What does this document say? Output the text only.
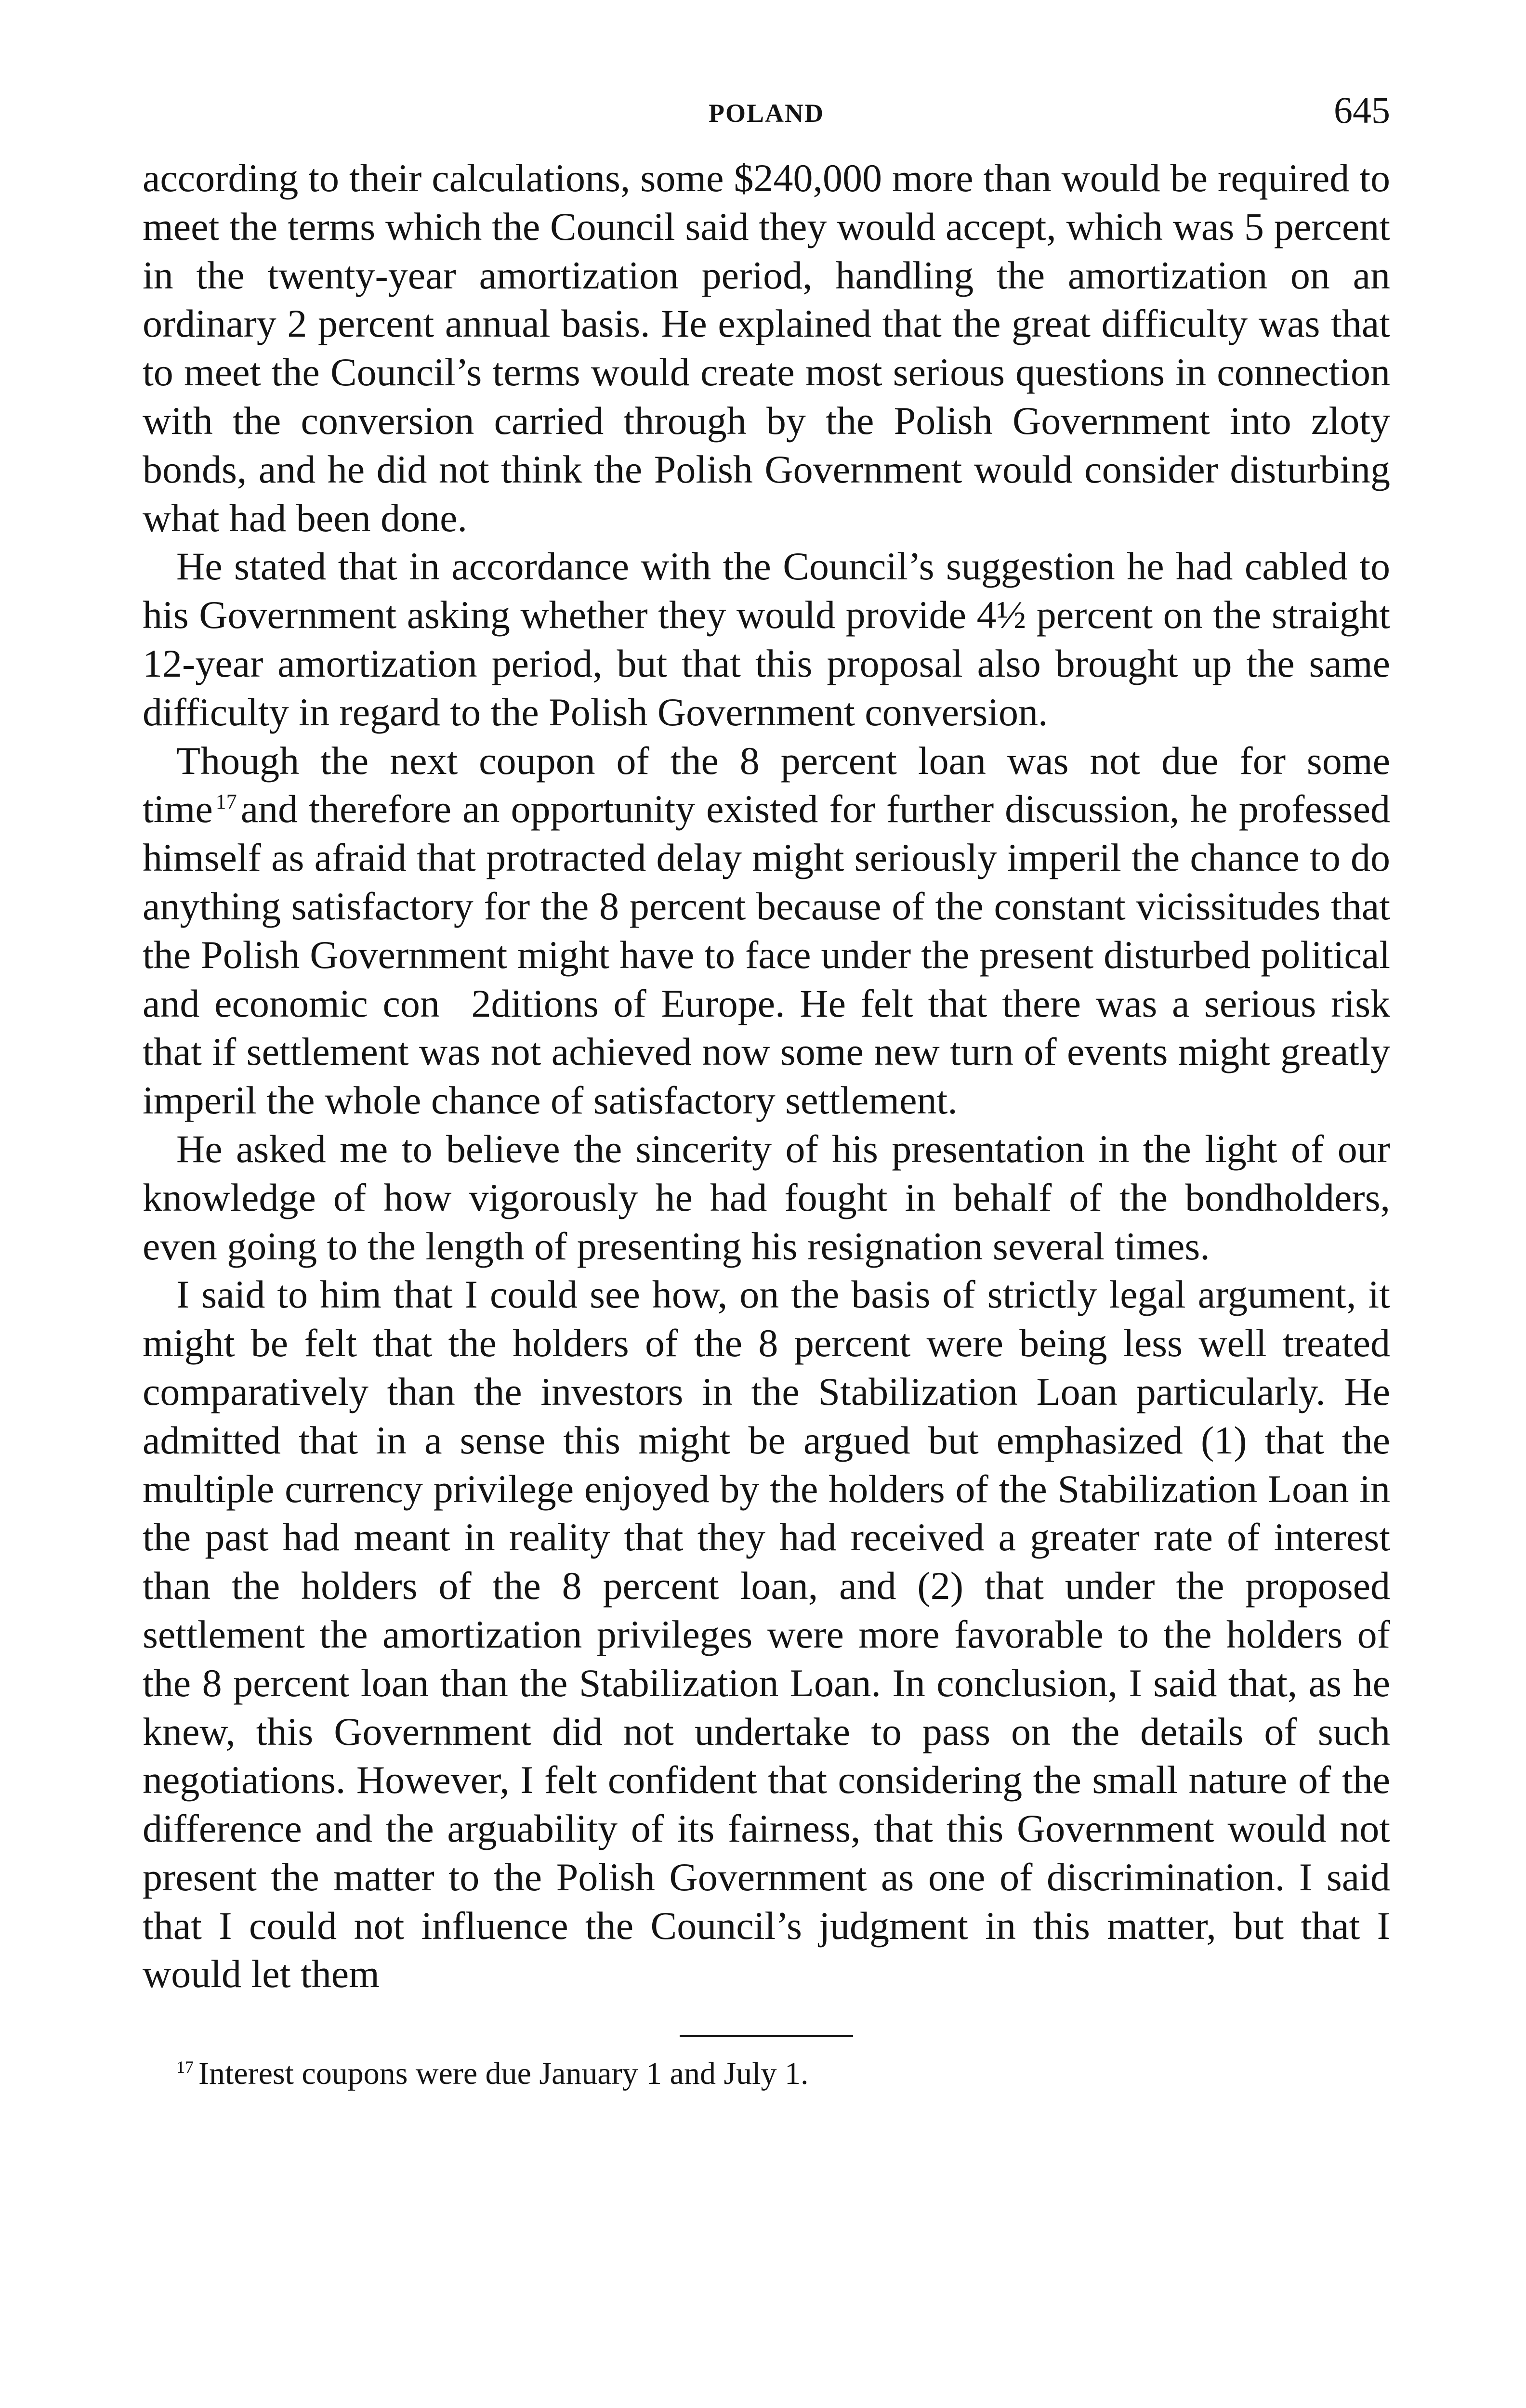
POLAND	645

according to their calculations, some $240,000 more than would be required to meet the terms which the Council said they would accept, which was 5 percent in the twenty-year amortization period, handling the amortization on an ordinary 2 percent annual basis. He explained that the great difficulty was that to meet the Council’s terms would create most serious questions in connection with the conversion carried through by the Polish Government into zloty bonds, and he did not think the Polish Government would consider disturbing what had been done.

He stated that in accordance with the Council’s suggestion he had cabled to his Government asking whether they would provide 4½ percent on the straight 12-year amortization period, but that this proposal also brought up the same difficulty in regard to the Polish Government conversion.

Though the next coupon of the 8 percent loan was not due for some time $^{17}$and therefore an opportunity existed for further discussion, he professed himself as afraid that protracted delay might seriously imperil the chance to do anything satisfactory for the 8 percent because of the constant vicissitudes that the Polish Government might have to face under the present disturbed political and economic con2ditions of Europe. He felt that there was a serious risk that if settlement was not achieved now some new turn of events might greatly imperil the whole chance of satisfactory settlement.

He asked me to believe the sincerity of his presentation in the light of our knowledge of how vigorously he had fought in behalf of the bondholders, even going to the length of presenting his resignation several times.

I said to him that I could see how, on the basis of strictly legal argument, it might be felt that the holders of the 8 percent were being less well treated comparatively than the investors in the Stabilization Loan particularly. He admitted that in a sense this might be argued but emphasized (1) that the multiple currency privilege enjoyed by the holders of the Stabilization Loan in the past had meant in reality that they had received a greater rate of interest than the holders of the 8 percent loan, and (2) that under the proposed settlement the amortization privileges were more favorable to the holders of the 8 percent loan than the Stabilization Loan. In conclusion, I said that, as he knew, this Government did not undertake to pass on the details of such negotiations. However, I felt confident that considering the small nature of the difference and the arguability of its fairness, that this Government would not present the matter to the Polish Government as one of discrimination. I said that I could not influence the Council’s judgment in this matter, but that I would let them

$^{17}$ Interest coupons were due January 1 and July 1.
